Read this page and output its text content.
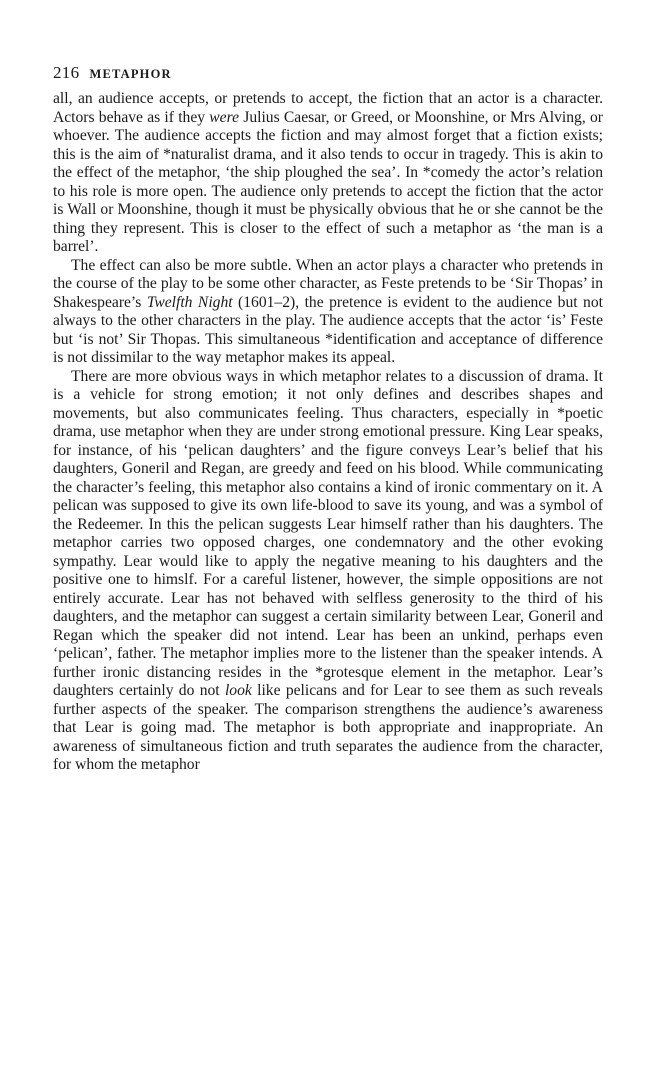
216 METAPHOR

all, an audience accepts, or pretends to accept, the fiction that an actor is a character. Actors behave as if they were Julius Caesar, or Greed, or Moonshine, or Mrs Alving, or whoever. The audience accepts the fiction and may almost forget that a fiction exists; this is the aim of *naturalist drama, and it also tends to occur in tragedy. This is akin to the effect of the metaphor, ‘the ship ploughed the sea’. In *comedy the actor’s relation to his role is more open. The audience only pretends to accept the fiction that the actor is Wall or Moonshine, though it must be physically obvious that he or she cannot be the thing they represent. This is closer to the effect of such a metaphor as ‘the man is a barrel’.

The effect can also be more subtle. When an actor plays a character who pretends in the course of the play to be some other character, as Feste pretends to be ‘Sir Thopas’ in Shakespeare’s Twelfth Night (1601–2), the pretence is evident to the audience but not always to the other characters in the play. The audience accepts that the actor ‘is’ Feste but ‘is not’ Sir Thopas. This simultaneous *identification and acceptance of difference is not dissimilar to the way metaphor makes its appeal.

There are more obvious ways in which metaphor relates to a discussion of drama. It is a vehicle for strong emotion; it not only defines and describes shapes and movements, but also communicates feeling. Thus characters, especially in *poetic drama, use metaphor when they are under strong emotional pressure. King Lear speaks, for instance, of his ‘pelican daughters’ and the figure conveys Lear’s belief that his daughters, Goneril and Regan, are greedy and feed on his blood. While communicating the character’s feeling, this metaphor also contains a kind of ironic commentary on it. A pelican was supposed to give its own life-blood to save its young, and was a symbol of the Redeemer. In this the pelican suggests Lear himself rather than his daughters. The metaphor carries two opposed charges, one condemnatory and the other evoking sympathy. Lear would like to apply the negative meaning to his daughters and the positive one to himslf. For a careful listener, however, the simple oppositions are not entirely accurate. Lear has not behaved with selfless generosity to the third of his daughters, and the metaphor can suggest a certain similarity between Lear, Goneril and Regan which the speaker did not intend. Lear has been an unkind, perhaps even ‘pelican’, father. The metaphor implies more to the listener than the speaker intends. A further ironic distancing resides in the *grotesque element in the metaphor. Lear’s daughters certainly do not look like pelicans and for Lear to see them as such reveals further aspects of the speaker. The comparison strengthens the audience’s awareness that Lear is going mad. The metaphor is both appropriate and inappropriate. An awareness of simultaneous fiction and truth separates the audience from the character, for whom the metaphor
